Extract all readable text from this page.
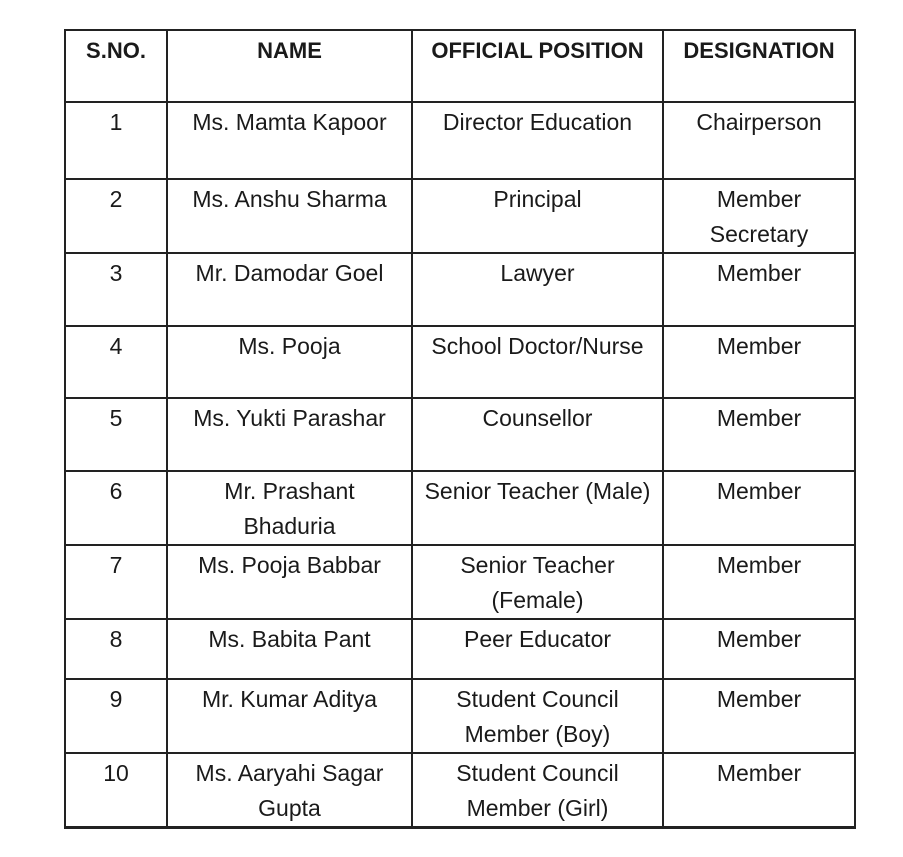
S.NO.	NAME	OFFICIAL POSITION	DESIGNATION
1	Ms. Mamta Kapoor	Director Education	Chairperson
2	Ms. Anshu Sharma	Principal	Member Secretary
3	Mr. Damodar Goel	Lawyer	Member
4	Ms. Pooja	School Doctor/Nurse	Member
5	Ms. Yukti Parashar	Counsellor	Member
6	Mr. Prashant Bhaduria	Senior Teacher (Male)	Member
7	Ms. Pooja Babbar	Senior Teacher (Female)	Member
8	Ms. Babita Pant	Peer Educator	Member
9	Mr. Kumar Aditya	Student Council Member (Boy)	Member
10	Ms. Aaryahi Sagar Gupta	Student Council Member (Girl)	Member
